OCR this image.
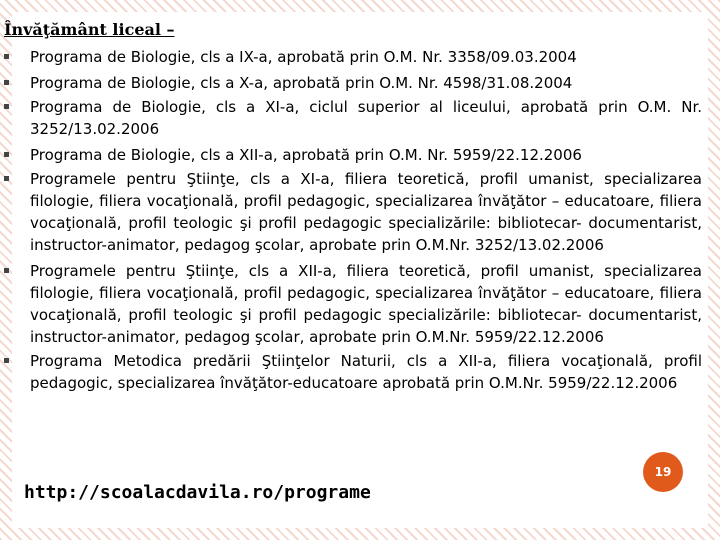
Învăţământ liceal –
Programa de Biologie, cls a IX-a, aprobată prin O.M. Nr. 3358/09.03.2004
Programa de Biologie, cls a X-a, aprobată prin O.M. Nr. 4598/31.08.2004
Programa de Biologie, cls a XI-a, ciclul superior al liceului, aprobată prin O.M. Nr. 3252/13.02.2006
Programa de Biologie, cls a XII-a, aprobată prin O.M. Nr. 5959/22.12.2006
Programele pentru Ştiinţe, cls a XI-a, filiera teoretică, profil umanist, specializarea filologie, filiera vocaţională, profil pedagogic, specializarea învăţător – educatoare, filiera vocaţională, profil teologic şi profil pedagogic specializările: bibliotecar- documentarist, instructor-animator, pedagog şcolar, aprobate prin O.M.Nr. 3252/13.02.2006
Programele pentru Ştiinţe, cls a XII-a, filiera teoretică, profil umanist, specializarea filologie, filiera vocaţională, profil pedagogic, specializarea învăţător – educatoare, filiera vocaţională, profil teologic şi profil pedagogic specializările: bibliotecar- documentarist, instructor-animator, pedagog şcolar, aprobate prin O.M.Nr. 5959/22.12.2006
Programa Metodica predării Ştiinţelor Naturii, cls a XII-a, filiera vocaţională, profil pedagogic, specializarea învăţător-educatoare aprobată prin O.M.Nr. 5959/22.12.2006
19
http://scoalacdavila.ro/programe
